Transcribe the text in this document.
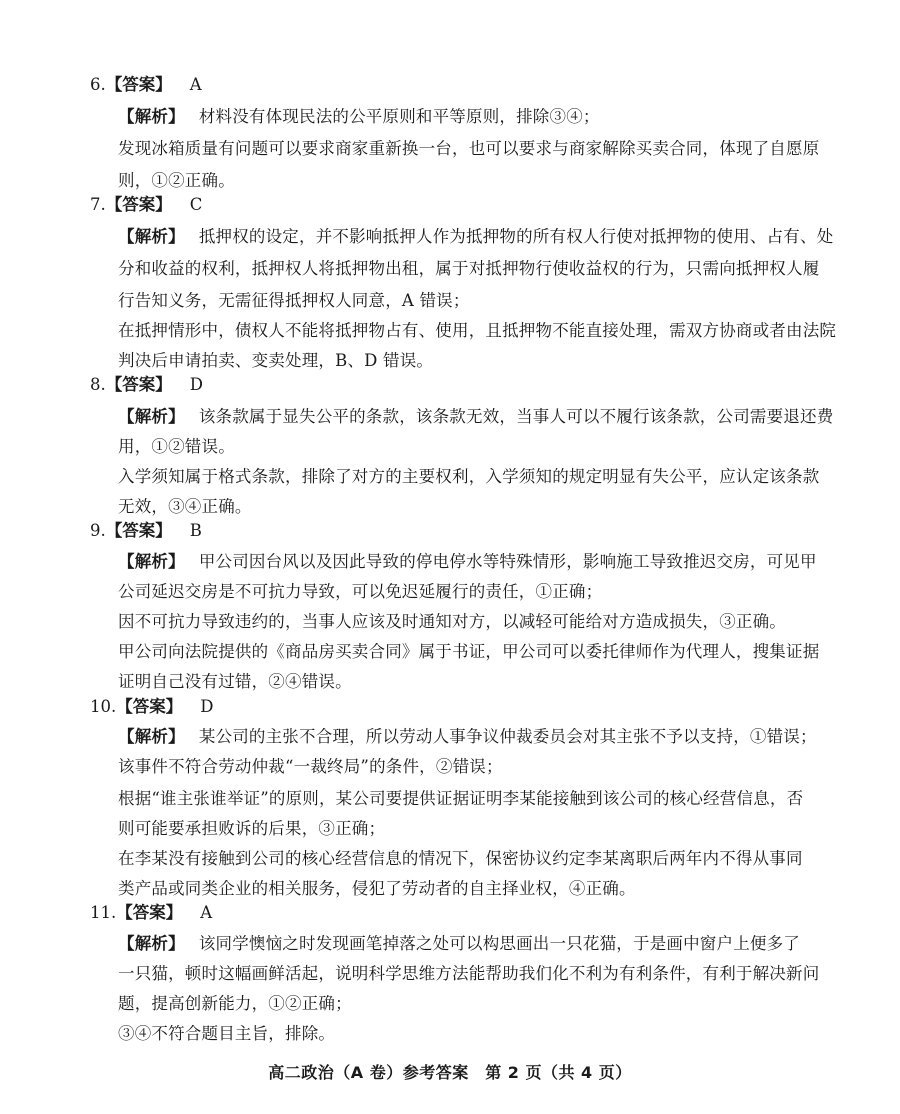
6.【答案】 A
【解析】 材料没有体现民法的公平原则和平等原则，排除③④；
发现冰箱质量有问题可以要求商家重新换一台，也可以要求与商家解除买卖合同，体现了自愿原
则，①②正确。
7.【答案】 C
【解析】 抵押权的设定，并不影响抵押人作为抵押物的所有权人行使对抵押物的使用、占有、处
分和收益的权利，抵押权人将抵押物出租，属于对抵押物行使收益权的行为，只需向抵押权人履
行告知义务，无需征得抵押权人同意，A 错误；
在抵押情形中，债权人不能将抵押物占有、使用，且抵押物不能直接处理，需双方协商或者由法院
判决后申请拍卖、变卖处理，B、D 错误。
8.【答案】 D
【解析】 该条款属于显失公平的条款，该条款无效，当事人可以不履行该条款，公司需要退还费
用，①②错误。
入学须知属于格式条款，排除了对方的主要权利，入学须知的规定明显有失公平，应认定该条款
无效，③④正确。
9.【答案】 B
【解析】 甲公司因台风以及因此导致的停电停水等特殊情形，影响施工导致推迟交房，可见甲
公司延迟交房是不可抗力导致，可以免迟延履行的责任，①正确；
因不可抗力导致违约的，当事人应该及时通知对方，以减轻可能给对方造成损失，③正确。
甲公司向法院提供的《商品房买卖合同》属于书证，甲公司可以委托律师作为代理人，搜集证据
证明自己没有过错，②④错误。
10.【答案】 D
【解析】 某公司的主张不合理，所以劳动人事争议仲裁委员会对其主张不予以支持，①错误；
该事件不符合劳动仲裁“一裁终局”的条件，②错误；
根据“谁主张谁举证”的原则，某公司要提供证据证明李某能接触到该公司的核心经营信息，否
则可能要承担败诉的后果，③正确；
在李某没有接触到公司的核心经营信息的情况下，保密协议约定李某离职后两年内不得从事同
类产品或同类企业的相关服务，侵犯了劳动者的自主择业权，④正确。
11.【答案】 A
【解析】 该同学懊恼之时发现画笔掉落之处可以构思画出一只花猫，于是画中窗户上便多了
一只猫，顿时这幅画鲜活起，说明科学思维方法能帮助我们化不利为有利条件，有利于解决新问
题，提高创新能力，①②正确；
③④不符合题目主旨，排除。
高二政治（A 卷）参考答案　第 2 页（共 4 页）
